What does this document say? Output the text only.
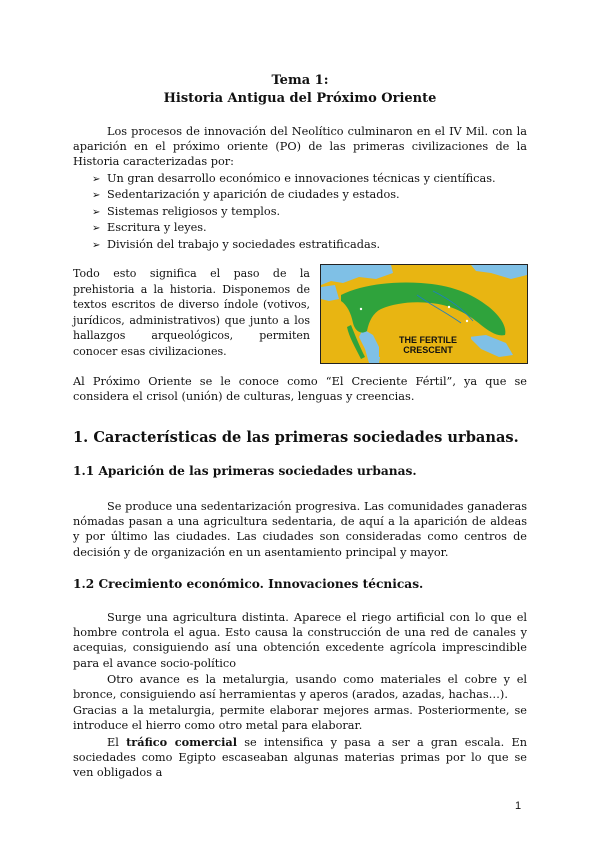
Tema 1:
Historia Antigua del Próximo Oriente
Los procesos de innovación del Neolítico culminaron en el IV Mil. con la aparición en el próximo oriente (PO) de las primeras civilizaciones de la Historia caracterizadas por:
➢ Un gran desarrollo económico e innovaciones técnicas y científicas.
➢ Sedentarización y aparición de ciudades y estados.
➢ Sistemas religiosos y templos.
➢ Escritura y leyes.
➢ División del trabajo y sociedades estratificadas.
Todo esto significa el paso de la prehistoria a la historia. Disponemos de textos escritos de diverso índole (votivos, jurídicos, administrativos) que junto a los hallazgos arqueológicos, permiten conocer esas civilizaciones.
THE FERTILE
CRESCENT
Al Próximo Oriente se le conoce como “El Creciente Fértil”, ya que se considera el crisol (unión) de culturas, lenguas y creencias.
1. Características de las primeras sociedades urbanas.
1.1 Aparición de las primeras sociedades urbanas.
Se produce una sedentarización progresiva. Las comunidades ganaderas nómadas pasan a una agricultura sedentaria, de aquí a la aparición de aldeas y por último las ciudades. Las ciudades son consideradas como centros de decisión y de organización en un asentamiento principal y mayor.
1.2 Crecimiento económico. Innovaciones técnicas.
Surge una agricultura distinta. Aparece el riego artificial con lo que el hombre controla el agua. Esto causa la construcción de una red de canales y acequias, consiguiendo así una obtención excedente agrícola imprescindible para el avance socio-político
Otro avance es la metalurgia, usando como materiales el cobre y el bronce, consiguiendo así herramientas y aperos (arados, azadas, hachas…).
Gracias a la metalurgia, permite elaborar mejores armas. Posteriormente, se introduce el hierro como otro metal para elaborar.
El tráfico comercial se intensifica y pasa a ser a gran escala. En sociedades como Egipto escaseaban algunas materias primas por lo que se ven obligados a
1
